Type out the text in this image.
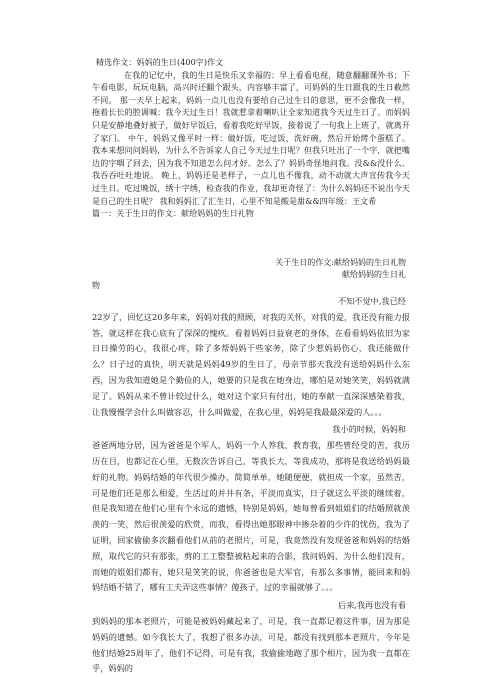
精选作文：妈妈的生日(400字)作文

在我的记忆中，我的生日是快乐又幸福的：早上看看电视，随意翻翻课外书；下午看电影，玩玩电脑，高兴时还翻个跟头，内容够丰富了，可妈妈的生日跟我的生日截然不同。 那一天早上起来，妈妈一点儿也没有要给自己过生日的意思，更不会像我一样，拖着长长的腔调喊：我今天过生日！我就惹拿着喇叭让全家知道我今天过生日了。而妈妈只是安静地叠好被子，做好早饭后，看着我吃好早饭，接着说了一句我上上班了，就离开了家门。 中午，妈妈又像平时一样：做好饭，吃过饭，洗好碗，然后开始烤个蛋糕了。我本来想问问妈妈，为什么不告诉家人自己今天过生日呢？但我只吐出了一个字，就把嘴边的字咽了回去，因为我不知道怎么问才好。怎么了？妈妈奇怪地问我。没&&没什么。我吞吞吐吐地说。 晚上，妈妈还是老样子，一点儿也不像我，动不动就大声宣传我今天过生日。吃过晚饭，绣十字绣，检查我的作业，我却更奇怪了：为什么妈妈还不说出今天是自己的生日呢？ 我和妈妈汇了汇生日，心里不知是酸是甜&&四年级：王文希

篇一：关于生日的作文：献给妈妈的生日礼物

关于生日的作文:献给妈妈的生日礼物

献给妈妈的生日礼

物

不知不觉中,我已经

22岁了，回忆这20多年来，妈妈对我的照顾，对我的关怀，对我的爱，我还没有能力报答，就这样在我心底有了深深的愧疚。看着妈妈日益衰老的身体，在看看妈妈依旧为家日日操劳的心，我很心疼，除了多帮妈妈干些家务，除了少惹妈妈伤心，我还能做什么？日子过的真快，明天就是妈妈49岁的生日了，母亲节那天我没有送给妈妈什么东西，因为我知道她是个勤俭的人，她要的只是我在她身边，哪怕是对她笑笑，妈妈就满足了。妈妈从来不曾计较过什么，她对这个家只有付出，她的奉献一直深深感染着我，让我慢慢学会什么叫做容忍，什么叫做爱，在我心里，妈妈是我最最深爱的人。。。

我小的时候，妈妈和

爸爸两地分居，因为爸爸是个军人，妈妈一个人养我，教育我，那些曾经受的苦，我历历在目，也都记在心里，无数次告诉自己，等我长大，等我成功，那将是我送给妈妈最好的礼物。妈妈结婚的年代很少操办，简简单单，她随便便，就担成一个家，虽然苦，可是他们还是那么相爱，生活过的并井有条，平淡而真实，日子就这么平淡的继续着，但是我知道在他们心里有个永远的遗憾，特别是妈妈，她每曾看到姐姐们的结婚照就羡羡的一笑，然后很羡爱的欣赏，而我，看得出她那眼神中掺杂着的少许的忧伤，我为了证明，回家偷偷多次翻看他们从前的老照片，可是，我竟然没有发现爸爸和妈妈的结婚照，取代它的只有那张，剪的工工整整被粘起来的合影，我问妈妈，为什么他们没有，而她的姐姐们都有，她只是笑笑的说，你爸爸也是大军官，有那么多事情，能回来和妈妈结婚不错了，哪有工夫弄这些事情？傻孩子，过的幸福就够了。。。

后来,我再也没有看

到妈妈的那本老照片，可能是被妈妈藏起来了，可是，我一直都记着这件事，因为那是妈妈的遗憾。如今我长大了，我想了很多办法，可是，都没有找到那本老照片，今年是他们结婚25周年了，他们不记得，可是有我，我偷偷地跑了那个相片，因为我一直都在乎，妈妈的
